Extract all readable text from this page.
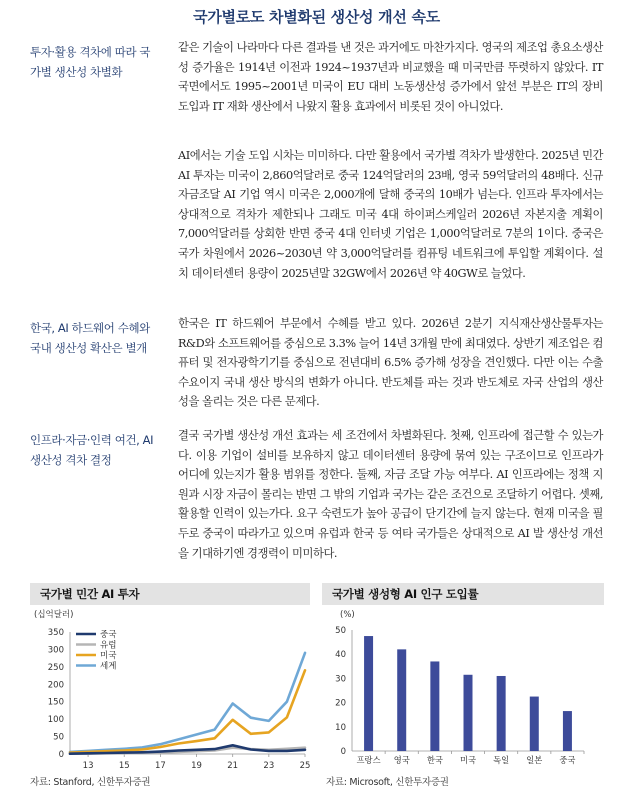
국가별로도 차별화된 생산성 개선 속도
투자·활용 격차에 따라 국가별 생산성 차별화
같은 기술이 나라마다 다른 결과를 낸 것은 과거에도 마찬가지다. 영국의 제조업 총요소생산성 증가율은 1914년 이전과 1924~1937년과 비교했을 때 미국만큼 뚜렷하지 않았다. IT 국면에서도 1995~2001년 미국이 EU 대비 노동생산성 증가에서 앞선 부분은 IT의 장비 도입과 IT 재화 생산에서 나왔지 활용 효과에서 비롯된 것이 아니었다.
AI에서는 기술 도입 시차는 미미하다. 다만 활용에서 국가별 격차가 발생한다. 2025년 민간 AI 투자는 미국이 2,860억달러로 중국 124억달러의 23배, 영국 59억달러의 48배다. 신규 자금조달 AI 기업 역시 미국은 2,000개에 달해 중국의 10배가 넘는다. 인프라 투자에서는 상대적으로 격차가 제한되나 그래도 미국 4대 하이퍼스케일러 2026년 자본지출 계획이 7,000억달러를 상회한 반면 중국 4대 인터넷 기업은 1,000억달러로 7분의 1이다. 중국은 국가 차원에서 2026~2030년 약 3,000억달러를 컴퓨팅 네트워크에 투입할 계획이다. 설치 데이터센터 용량이 2025년말 32GW에서 2026년 약 40GW로 늘었다.
한국, AI 하드웨어 수혜와 국내 생산성 확산은 별개
한국은 IT 하드웨어 부문에서 수혜를 받고 있다. 2026년 2분기 지식재산생산물투자는 R&D와 소프트웨어를 중심으로 3.3% 늘어 14년 3개월 만에 최대였다. 상반기 제조업은 컴퓨터 및 전자광학기기를 중심으로 전년대비 6.5% 증가해 성장을 견인했다. 다만 이는 수출 수요이지 국내 생산 방식의 변화가 아니다. 반도체를 파는 것과 반도체로 자국 산업의 생산성을 올리는 것은 다른 문제다.
인프라·자금·인력 여건, AI 생산성 격차 결정
결국 국가별 생산성 개선 효과는 세 조건에서 차별화된다. 첫째, 인프라에 접근할 수 있는가다. 이용 기업이 설비를 보유하지 않고 데이터센터 용량에 묶여 있는 구조이므로 인프라가 어디에 있는지가 활용 범위를 정한다. 둘째, 자금 조달 가능 여부다. AI 인프라에는 정책 지원과 시장 자금이 몰리는 반면 그 밖의 기업과 국가는 같은 조건으로 조달하기 어렵다. 셋째, 활용할 인력이 있는가다. 요구 숙련도가 높아 공급이 단기간에 늘지 않는다. 현재 미국을 필두로 중국이 따라가고 있으며 유럽과 한국 등 여타 국가들은 상대적으로 AI 발 생산성 개선을 기대하기엔 경쟁력이 미미하다.
국가별 민간 AI 투자
(십억달러)
0
50
100
150
200
250
300
350
13	15	17	19	21	23	25
중국
유럽
미국
세계
자료: Stanford, 신한투자증권
국가별 생성형 AI 인구 도입률
(%)
0
10
20
30
40
50
프랑스 영국 한국 미국 독일 일본 중국
자료: Microsoft, 신한투자증권
